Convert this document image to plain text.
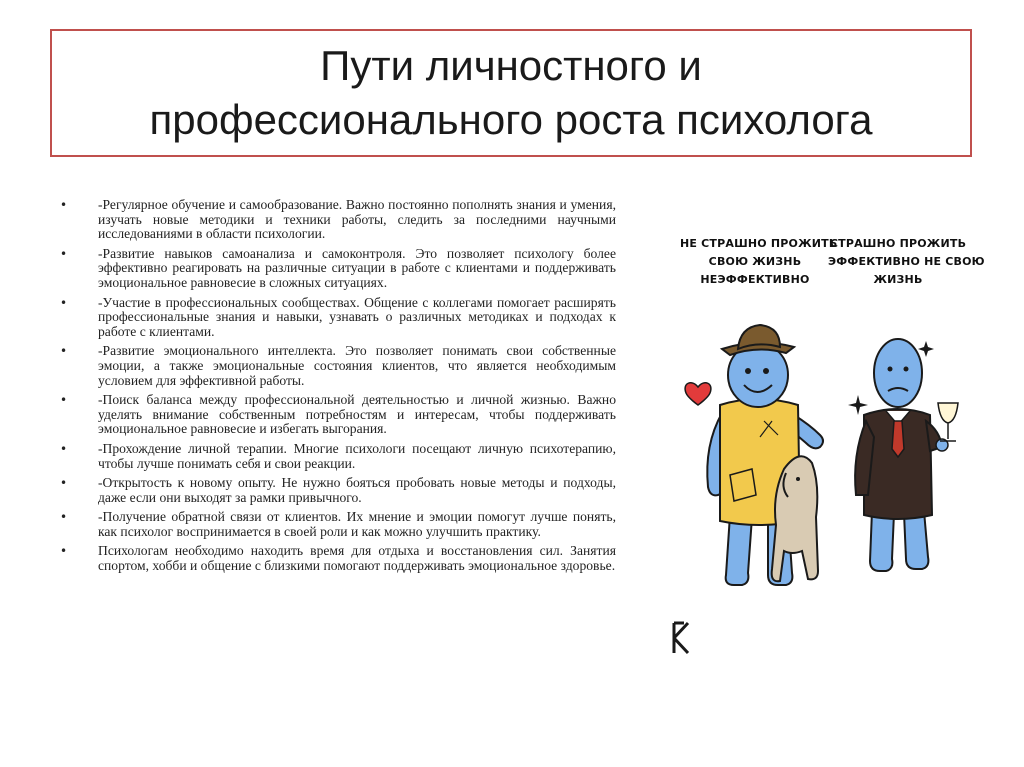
Пути личностного и
профессионального роста психолога
• -Регулярное обучение и самообразование. Важно постоянно пополнять знания и умения, изучать новые методики и техники работы, следить за последними научными исследованиями в области психологии.
• -Развитие навыков самоанализа и самоконтроля. Это позволяет психологу более эффективно реагировать на различные ситуации в работе с клиентами и поддерживать эмоциональное равновесие в сложных ситуациях.
• -Участие в профессиональных сообществах. Общение с коллегами помогает расширять профессиональные знания и навыки, узнавать о различных методиках и подходах к работе с клиентами.
• -Развитие эмоционального интеллекта. Это позволяет понимать свои собственные эмоции, а также эмоциональные состояния клиентов, что является необходимым условием для эффективной работы.
• -Поиск баланса между профессиональной деятельностью и личной жизнью. Важно уделять внимание собственным потребностям и интересам, чтобы поддерживать эмоциональное равновесие и избегать выгорания.
• -Прохождение личной терапии. Многие психологи посещают личную психотерапию, чтобы лучше понимать себя и свои реакции.
• -Открытость к новому опыту. Не нужно бояться пробовать новые методы и подходы, даже если они выходят за рамки привычного.
• -Получение обратной связи от клиентов. Их мнение и эмоции помогут лучше понять, как психолог воспринимается в своей роли и как можно улучшить практику.
• Психологам необходимо находить время для отдыха и восстановления сил. Занятия спортом, хобби и общение с близкими помогают поддерживать эмоциональное здоровье.
НЕ СТРАШНО ПРОЖИТЬ
СВОЮ ЖИЗНЬ
НЕЭФФЕКТИВНО
СТРАШНО ПРОЖИТЬ
ЭФФЕКТИВНО НЕ СВОЮ
ЖИЗНЬ
